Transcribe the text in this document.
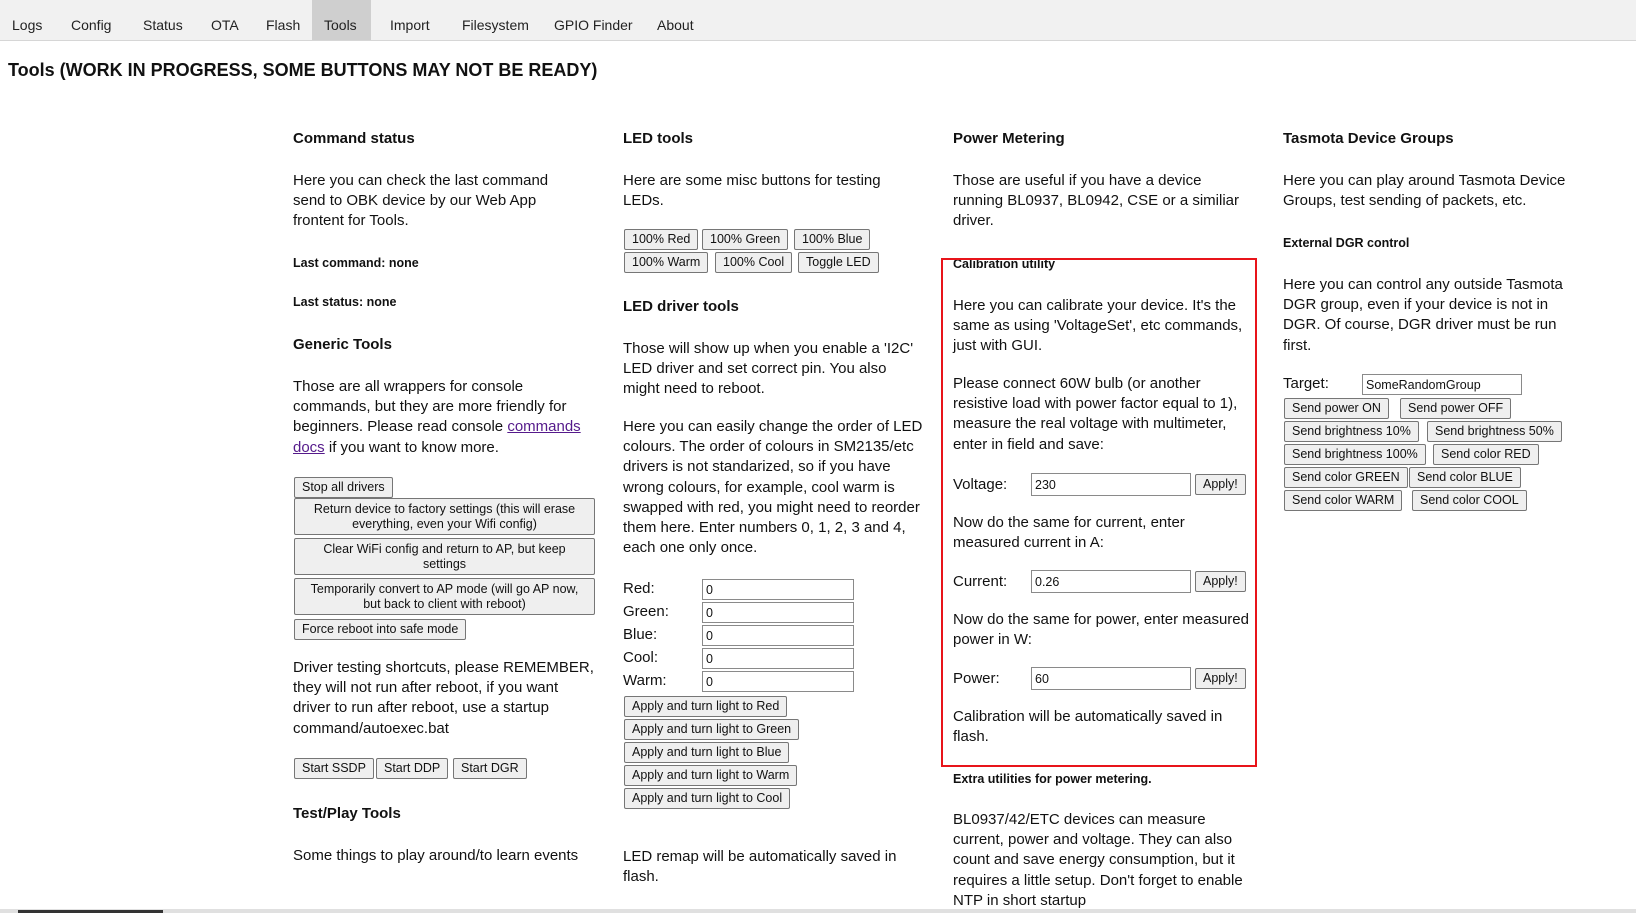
Logs	Config	Status	OTA	Flash	Tools	Import	Filesystem	GPIO Finder	About
Tools (WORK IN PROGRESS, SOME BUTTONS MAY NOT BE READY)
Command status

Here you can check the last command send to OBK device by our Web App frontent for Tools.

Last command: none
Last status: none
Generic Tools

Those are all wrappers for console commands, but they are more friendly for beginners. Please read console commands docs if you want to know more.

Stop all drivers
Return device to factory settings (this will erase everything, even your Wifi config)
Clear WiFi config and return to AP, but keep settings
Temporarily convert to AP mode (will go AP now, but back to client with reboot)
Force reboot into safe mode

Driver testing shortcuts, please REMEMBER, they will not run after reboot, if you want driver to run after reboot, use a startup command/autoexec.bat

Start SSDP	Start DDP	Start DGR
Test/Play Tools

Some things to play around/to learn events

LED tools

Here are some misc buttons for testing LEDs.

100% Red	100% Green	100% Blue
100% Warm	100% Cool	Toggle LED
LED driver tools

Those will show up when you enable a 'I2C' LED driver and set correct pin. You also might need to reboot.

Here you can easily change the order of LED colours. The order of colours in SM2135/etc drivers is not standarized, so if you have wrong colours, for example, cool warm is swapped with red, you might need to reorder them here. Enter numbers 0, 1, 2, 3 and 4, each one only once.

Red:
0
Green:
0
Blue:
0
Cool:
0
Warm:
0
Apply and turn light to Red
Apply and turn light to Green
Apply and turn light to Blue
Apply and turn light to Warm
Apply and turn light to Cool

LED remap will be automatically saved in flash.

Power Metering

Those are useful if you have a device running BL0937, BL0942, CSE or a similiar driver.

Calibration utility

Here you can calibrate your device. It's the same as using 'VoltageSet', etc commands, just with GUI.

Please connect 60W bulb (or another resistive load with power factor equal to 1), measure the real voltage with multimeter, enter in field and save:

Voltage:
230	Apply!

Now do the same for current, enter measured current in A:

Current:
0.26	Apply!

Now do the same for power, enter measured power in W:

Power:
60	Apply!

Calibration will be automatically saved in flash.

Extra utilities for power metering.

BL0937/42/ETC devices can measure current, power and voltage. They can also count and save energy consumption, but it requires a little setup. Don't forget to enable NTP in short startup

Tasmota Device Groups

Here you can play around Tasmota Device Groups, test sending of packets, etc.

External DGR control

Here you can control any outside Tasmota DGR group, even if your device is not in DGR. Of course, DGR driver must be run first.

Target:
SomeRandomGroup
Send power ON	Send power OFF
Send brightness 10%	Send brightness 50%
Send brightness 100%	Send color RED
Send color GREEN	Send color BLUE
Send color WARM	Send color COOL
